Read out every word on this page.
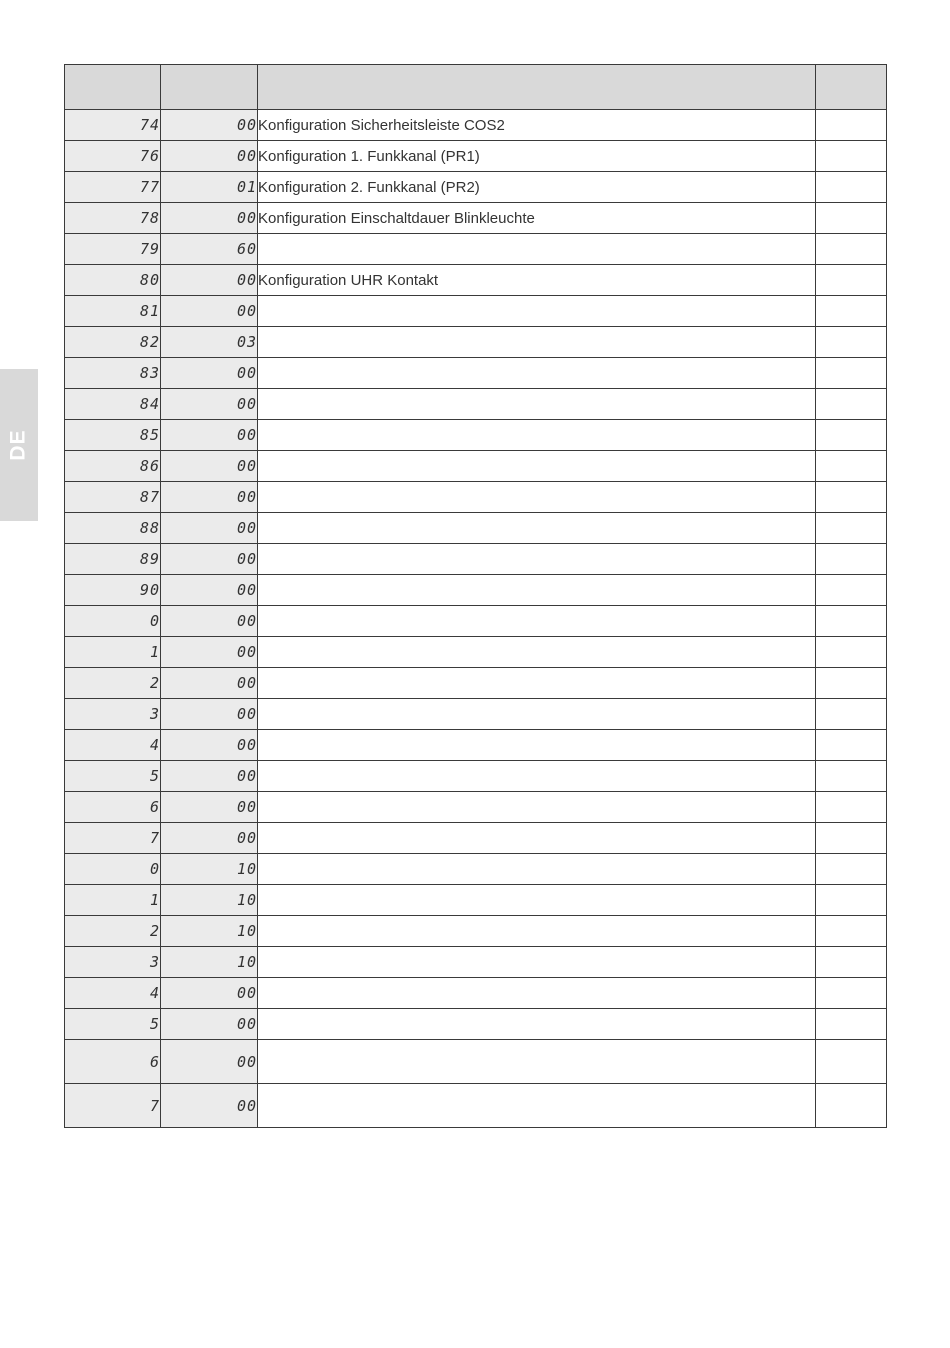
DE

74	00	Konfiguration Sicherheitsleiste COS2	
76	00	Konfiguration 1. Funkkanal (PR1)	
77	01	Konfiguration 2. Funkkanal (PR2)	
78	00	Konfiguration Einschaltdauer Blinkleuchte	
79	60		
80	00	Konfiguration UHR Kontakt	
81	00		
82	03		
83	00		
84	00		
85	00		
86	00		
87	00		
88	00		
89	00		
90	00		
0	00		
1	00		
2	00		
3	00		
4	00		
5	00		
6	00		
7	00		
0	10		
1	10		
2	10		
3	10		
4	00		
5	00		
6	00		
7	00		
